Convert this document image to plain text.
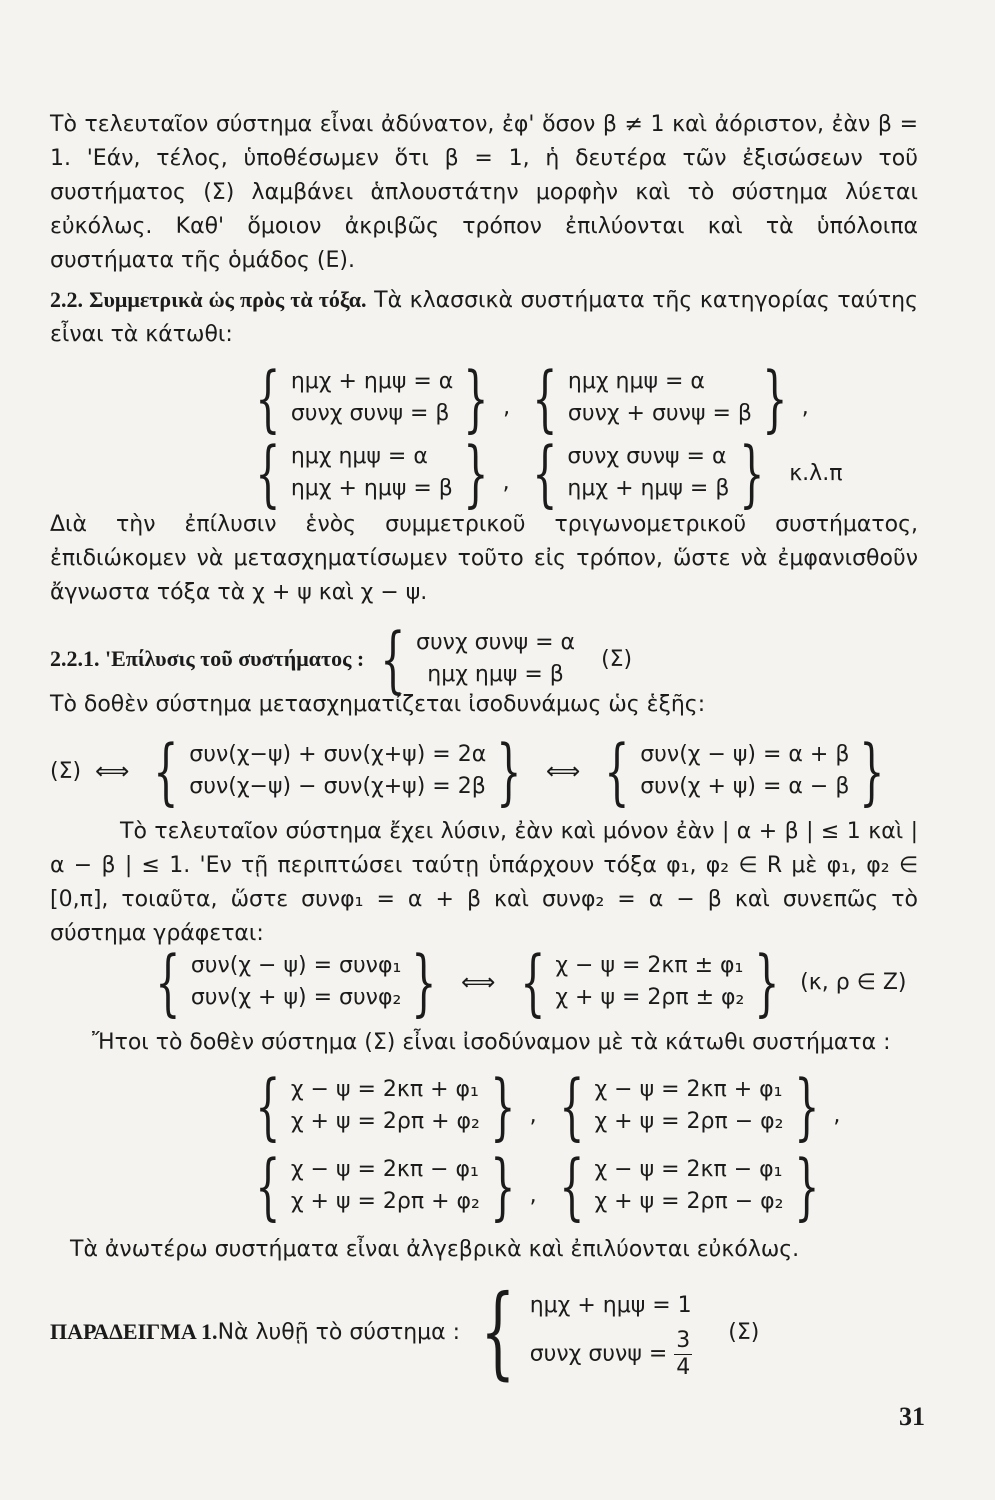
Τὸ τελευταῖον σύστημα εἶναι ἀδύνατον, ἐφ' ὅσον β ≠ 1 καὶ ἀόριστον, ἐὰν β = 1. 'Εάν, τέλος, ὑποθέσωμεν ὅτι β = 1, ἡ δευτέρα τῶν ἐξισώσεων τοῦ συστήματος (Σ) λαμβάνει ἁπλουστάτην μορφὴν καὶ τὸ σύστημα λύεται εὐκόλως. Καθ' ὅμοιον ἀκριβῶς τρόπον ἐπιλύονται καὶ τὰ ὑπόλοιπα συστήματα τῆς ὁμάδος (Ε).

2.2. Συμμετρικὰ ὡς πρὸς τὰ τόξα. Τὰ κλασσικὰ συστήματα τῆς κατηγορίας ταύτης εἶναι τὰ κάτωθι:

{ ημχ + ημψ = α
συνχ συνψ = β } , { ημχ ημψ = α
συνχ + συνψ = β } ,
{ ημχ ημψ = α
ημχ + ημψ = β } , { συνχ συνψ = α
ημχ + ημψ = β } κ.λ.π

Διὰ τὴν ἐπίλυσιν ἑνὸς συμμετρικοῦ τριγωνομετρικοῦ συστήματος, ἐπιδιώκομεν νὰ μετασχηματίσωμεν τοῦτο εἰς τρόπον, ὥστε νὰ ἐμφανισθοῦν ἄγνωστα τόξα τὰ χ + ψ καὶ χ − ψ.

2.2.1. 'Επίλυσις τοῦ συστήματος : { συνχ συνψ = α
ημχ ημψ = β
(Σ)

Τὸ δοθὲν σύστημα μετασχηματίζεται ἰσοδυνάμως ὡς ἑξῆς:

(Σ) ⟺ { συν(χ−ψ) + συν(χ+ψ) = 2α
συν(χ−ψ) − συν(χ+ψ) = 2β } ⟺ { συν(χ − ψ) = α + β
συν(χ + ψ) = α − β }

Τὸ τελευταῖον σύστημα ἔχει λύσιν, ἐὰν καὶ μόνον ἐὰν | α + β | ≤ 1 καὶ | α − β | ≤ 1. 'Εν τῇ περιπτώσει ταύτῃ ὑπάρχουν τόξα φ₁, φ₂ ∈ R μὲ φ₁, φ₂ ∈ [0,π], τοιαῦτα, ὥστε συνφ₁ = α + β καὶ συνφ₂ = α − β καὶ συνεπῶς τὸ σύστημα γράφεται:

{ συν(χ − ψ) = συνφ₁
συν(χ + ψ) = συνφ₂ } ⟺ { χ − ψ = 2κπ ± φ₁
χ + ψ = 2ρπ ± φ₂ } (κ, ρ ∈ Z)

Ἤτοι τὸ δοθὲν σύστημα (Σ) εἶναι ἰσοδύναμον μὲ τὰ κάτωθι συστήματα :

{ χ − ψ = 2κπ + φ₁
χ + ψ = 2ρπ + φ₂ } , { χ − ψ = 2κπ + φ₁
χ + ψ = 2ρπ − φ₂ } ,
{ χ − ψ = 2κπ − φ₁
χ + ψ = 2ρπ + φ₂ } , { χ − ψ = 2κπ − φ₁
χ + ψ = 2ρπ − φ₂ }

Τὰ ἀνωτέρω συστήματα εἶναι ἀλγεβρικὰ καὶ ἐπιλύονται εὐκόλως.

ΠΑΡΑΔΕΙΓΜΑ 1. Νὰ λυθῇ τὸ σύστημα : { ημχ + ημψ = 1
συνχ $\sigma\upsilon\nu\psi = \frac{3}{4} (\Sigma)$
31
